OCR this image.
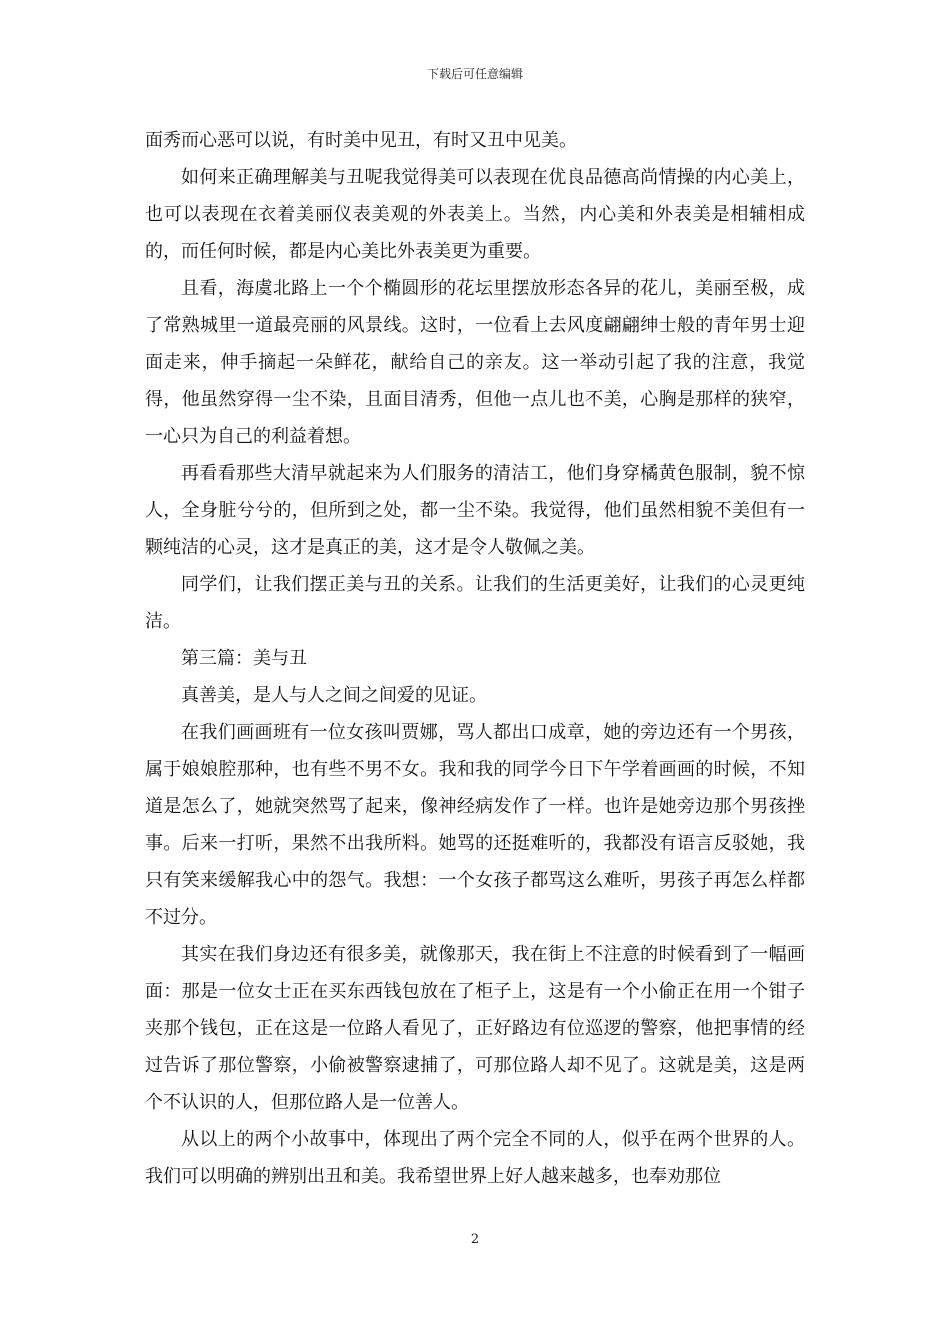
下载后可任意编辑

面秀而心恶可以说，有时美中见丑，有时又丑中见美。

如何来正确理解美与丑呢我觉得美可以表现在优良品德高尚情操的内心美上，也可以表现在衣着美丽仪表美观的外表美上。当然，内心美和外表美是相辅相成的，而任何时候，都是内心美比外表美更为重要。

且看，海虞北路上一个个椭圆形的花坛里摆放形态各异的花儿，美丽至极，成了常熟城里一道最亮丽的风景线。这时，一位看上去风度翩翩绅士般的青年男士迎面走来，伸手摘起一朵鲜花，献给自己的亲友。这一举动引起了我的注意，我觉得，他虽然穿得一尘不染，且面目清秀，但他一点儿也不美，心胸是那样的狭窄，一心只为自己的利益着想。

再看看那些大清早就起来为人们服务的清洁工，他们身穿橘黄色服制，貌不惊人，全身脏兮兮的，但所到之处，都一尘不染。我觉得，他们虽然相貌不美但有一颗纯洁的心灵，这才是真正的美，这才是令人敬佩之美。

同学们，让我们摆正美与丑的关系。让我们的生活更美好，让我们的心灵更纯洁。

第三篇：美与丑

真善美，是人与人之间之间爱的见证。

在我们画画班有一位女孩叫贾娜，骂人都出口成章，她的旁边还有一个男孩，属于娘娘腔那种，也有些不男不女。我和我的同学今日下午学着画画的时候，不知道是怎么了，她就突然骂了起来，像神经病发作了一样。也许是她旁边那个男孩挫事。后来一打听，果然不出我所料。她骂的还挺难听的，我都没有语言反驳她，我只有笑来缓解我心中的怨气。我想：一个女孩子都骂这么难听，男孩子再怎么样都不过分。

其实在我们身边还有很多美，就像那天，我在街上不注意的时候看到了一幅画面：那是一位女士正在买东西钱包放在了柜子上，这是有一个小偷正在用一个钳子夹那个钱包，正在这是一位路人看见了，正好路边有位巡逻的警察，他把事情的经过告诉了那位警察，小偷被警察逮捕了，可那位路人却不见了。这就是美，这是两个不认识的人，但那位路人是一位善人。

从以上的两个小故事中，体现出了两个完全不同的人，似乎在两个世界的人。我们可以明确的辨别出丑和美。我希望世界上好人越来越多，也奉劝那位

2
